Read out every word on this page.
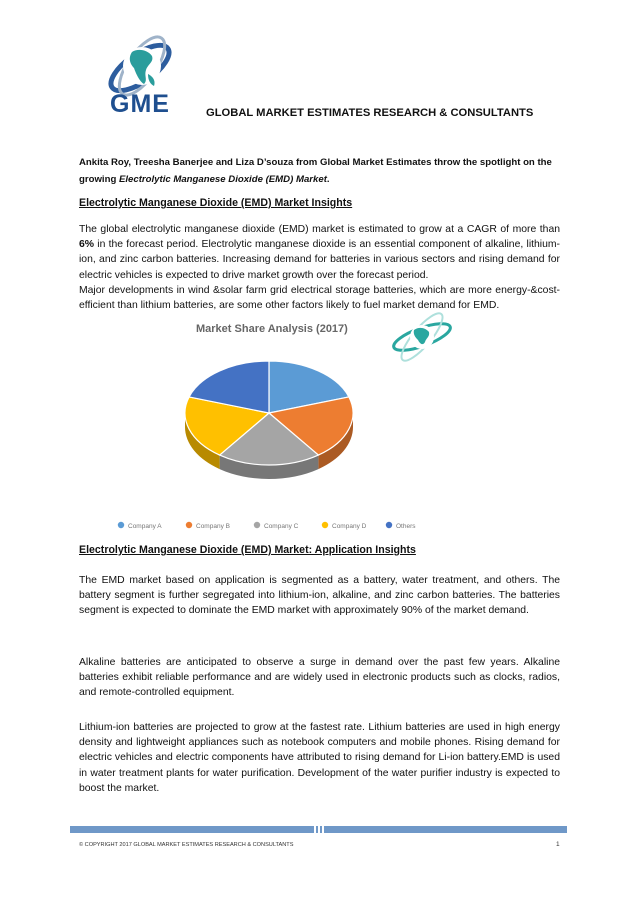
GME	GLOBAL MARKET ESTIMATES RESEARCH & CONSULTANTS
Ankita Roy, Treesha Banerjee and Liza D’souza from Global Market Estimates throw the spotlight on the growing Electrolytic Manganese Dioxide (EMD) Market.
Electrolytic Manganese Dioxide (EMD) Market Insights
The global electrolytic manganese dioxide (EMD) market is estimated to grow at a CAGR of more than 6% in the forecast period. Electrolytic manganese dioxide is an essential component of alkaline, lithium-ion, and zinc carbon batteries. Increasing demand for batteries in various sectors and rising demand for electric vehicles is expected to drive market growth over the forecast period.
Major developments in wind &solar farm grid electrical storage batteries, which are more energy-&cost-efficient than lithium batteries, are some other factors likely to fuel market demand for EMD.
Market Share Analysis (2017)
Company A	Company B	Company C	Company D	Others
Electrolytic Manganese Dioxide (EMD) Market: Application Insights
The EMD market based on application is segmented as a battery, water treatment, and others. The battery segment is further segregated into lithium-ion, alkaline, and zinc carbon batteries. The batteries segment is expected to dominate the EMD market with approximately 90% of the market demand.
Alkaline batteries are anticipated to observe a surge in demand over the past few years. Alkaline batteries exhibit reliable performance and are widely used in electronic products such as clocks, radios, and remote-controlled equipment.
Lithium-ion batteries are projected to grow at the fastest rate. Lithium batteries are used in high energy density and lightweight appliances such as notebook computers and mobile phones. Rising demand for electric vehicles and electric components have attributed to rising demand for Li-ion battery.EMD is used in water treatment plants for water purification. Development of the water purifier industry is expected to boost the market.
© COPYRIGHT 2017 GLOBAL MARKET ESTIMATES RESEARCH & CONSULTANTS	1
